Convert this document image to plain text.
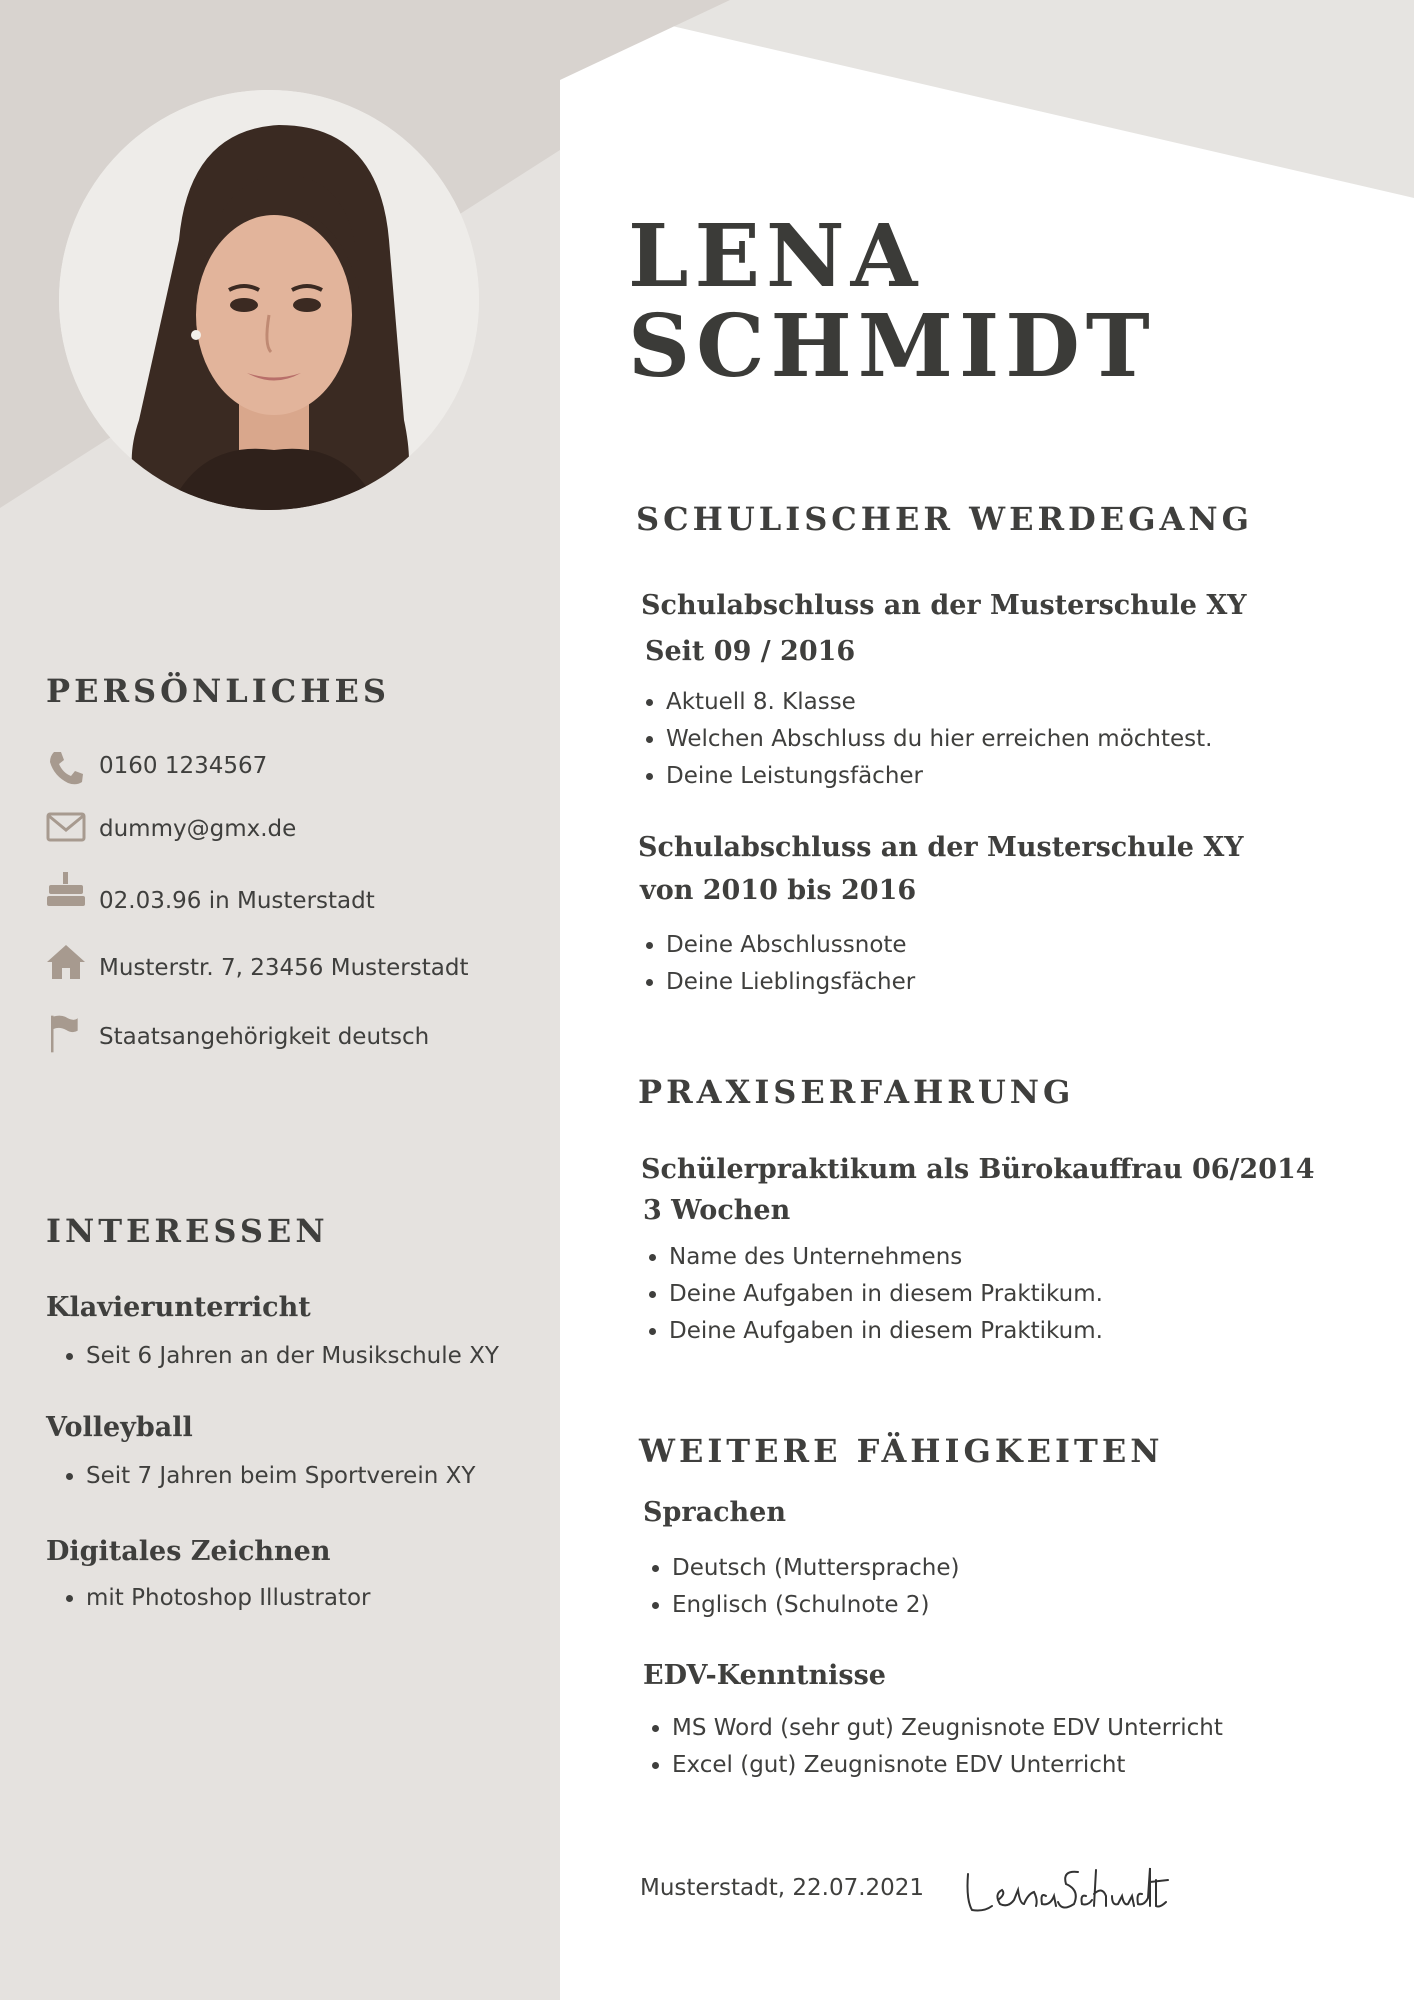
LENA
SCHMIDT
PERSÖNLICHES

0160 1234567

dummy@gmx.de

02.03.96 in Musterstadt

Musterstr. 7, 23456 Musterstadt

Staatsangehörigkeit deutsch

INTERESSEN
Klavierunterricht
• Seit 6 Jahren an der Musikschule XY
Volleyball
• Seit 7 Jahren beim Sportverein XY
Digitales Zeichnen
• mit Photoshop Illustrator
SCHULISCHER WERDEGANG
Schulabschluss an der Musterschule XY

Seit 09 / 2016

• Aktuell 8. Klasse
• Welchen Abschluss du hier erreichen möchtest.
• Deine Leistungsfächer
Schulabschluss an der Musterschule XY

von 2010 bis 2016

• Deine Abschlussnote
• Deine Lieblingsfächer
PRAXISERFAHRUNG
Schülerpraktikum als Bürokauffrau 06/2014

3 Wochen

• Name des Unternehmens
• Deine Aufgaben in diesem Praktikum.
• Deine Aufgaben in diesem Praktikum.
WEITERE FÄHIGKEITEN
Sprachen
• Deutsch (Muttersprache)
• Englisch (Schulnote 2)
EDV-Kenntnisse
• MS Word (sehr gut) Zeugnisnote EDV Unterricht
• Excel (gut) Zeugnisnote EDV Unterricht

Musterstadt, 22.07.2021
